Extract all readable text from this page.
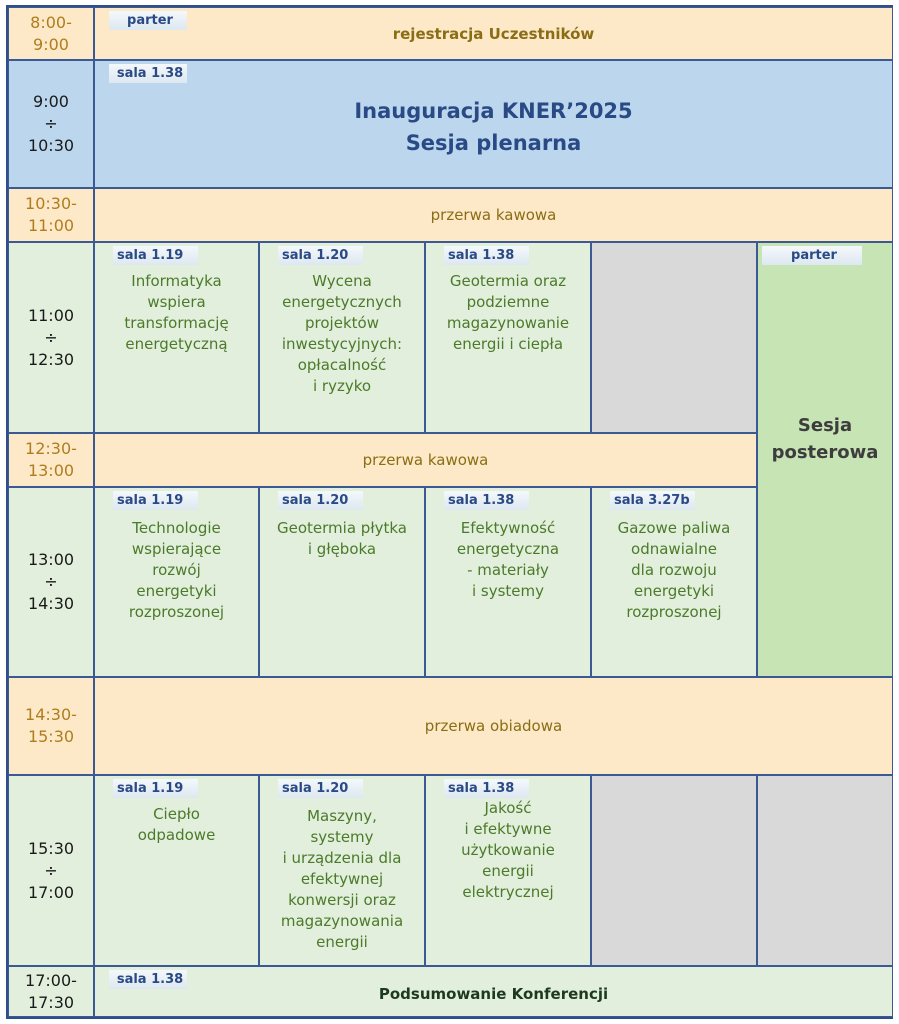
8:00-
9:00
parter
rejestracja Uczestników
9:00
÷
10:30
sala 1.38
Inauguracja KNER’2025
Sesja plenarna
10:30-
11:00
przerwa kawowa
11:00
÷
12:30
sala 1.19
Informatyka
wspiera
transformację
energetyczną
sala 1.20
Wycena
energetycznych
projektów
inwestycyjnych:
opłacalność
i ryzyko
sala 1.38
Geotermia oraz
podziemne
magazynowanie
energii i ciepła
parter
Sesja
posterowa
12:30-
13:00
przerwa kawowa
13:00
÷
14:30
sala 1.19
Technologie
wspierające
rozwój
energetyki
rozproszonej
sala 1.20
Geotermia płytka
i głęboka
sala 1.38
Efektywność
energetyczna
- materiały
i systemy
sala 3.27b
Gazowe paliwa
odnawialne
dla rozwoju
energetyki
rozproszonej
14:30-
15:30
przerwa obiadowa
15:30
÷
17:00
sala 1.19
Ciepło
odpadowe
sala 1.20
Maszyny,
systemy
i urządzenia dla
efektywnej
konwersji oraz
magazynowania
energii
sala 1.38
Jakość
i efektywne
użytkowanie
energii
elektrycznej
17:00-
17:30
sala 1.38
Podsumowanie Konferencji
